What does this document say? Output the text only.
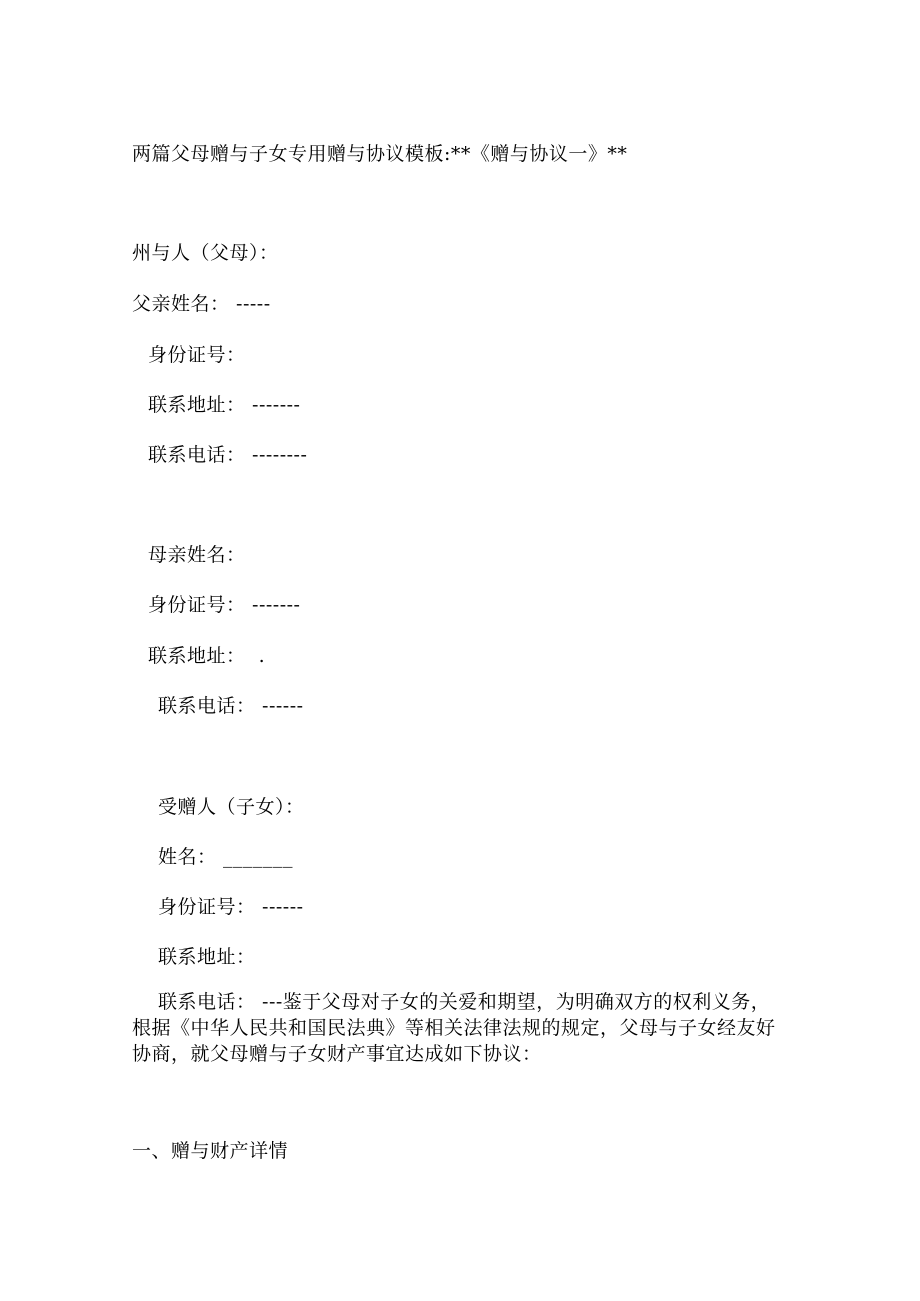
两篇父母赠与子女专用赠与协议模板:**《赠与协议一》**
州与人（父母）：
父亲姓名： -----
身份证号：
联系地址： -------
联系电话： --------
母亲姓名：
身份证号： -------
联系地址：  .
联系电话： ------
受赠人（子女）：
姓名： _______
身份证号： ------
联系地址：
联系电话： ---鉴于父母对子女的关爱和期望，为明确双方的权利义务，根据《中华人民共和国民法典》等相关法律法规的规定，父母与子女经友好协商，就父母赠与子女财产事宜达成如下协议：
一、赠与财产详情
